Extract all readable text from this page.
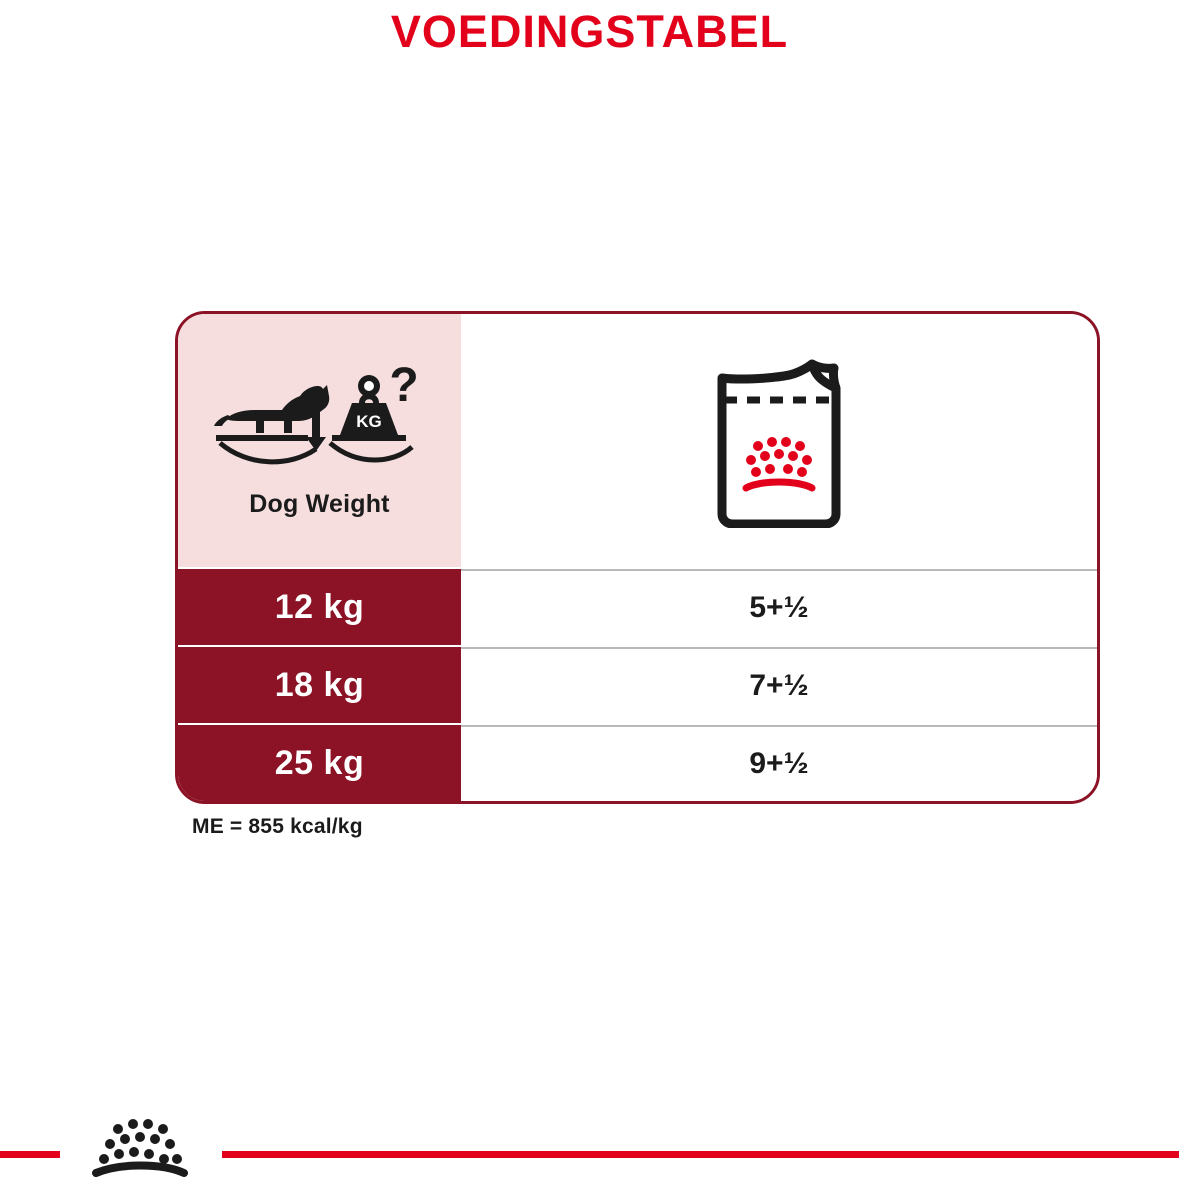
VOEDINGSTABEL
KG
?
Dog Weight
12 kg	5+½
18 kg	7+½
25 kg	9+½
ME = 855 kcal/kg
